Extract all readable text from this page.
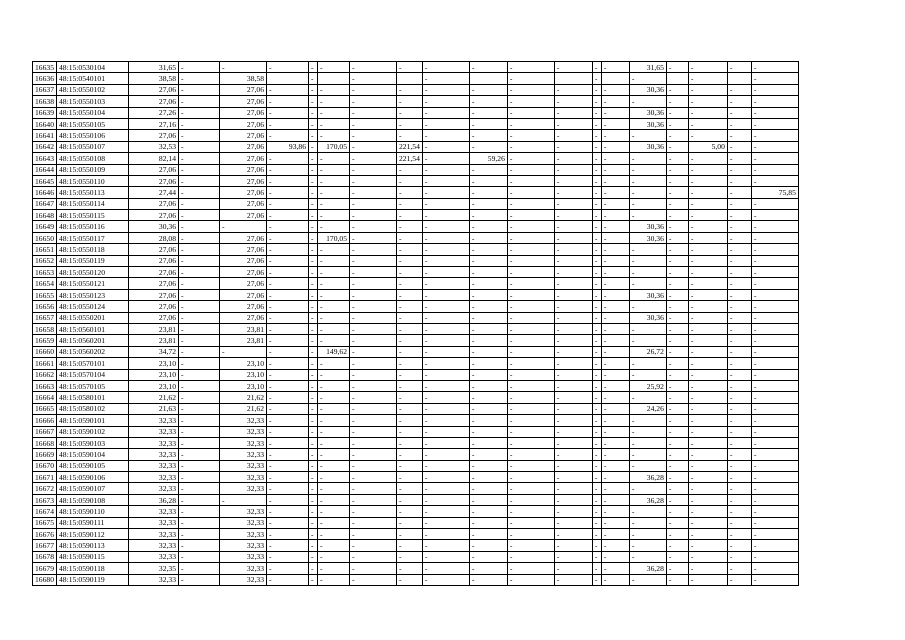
16635	48:15:0530104	31,65	-	-	-	-	-	-	-	-	-	-	-	-	-	31,65	-	-	-	-
16636	48:15:0540101	38,58	-	38,58		-		-		-		-		-		-		-		-
16637	48:15:0550102	27,06	-	27,06	-	-	-	-	-	-	-	-	-	-	-	30,36	-	-	-	-
16638	48:15:0550103	27,06	-	27,06	-	-	-	-	-	-	-	-	-	-	-	-	-	-	-	-
16639	48:15:0550104	27,26	-	27,06	-	-	-	-	-	-	-	-	-	-	-	30,36	-	-	-	-
16640	48:15:0550105	27,16	-	27,06	-	-	-	-	-	-	-	-	-	-	-	30,36	-	-	-	-
16641	48:15:0550106	27,06	-	27,06	-	-	-	-	-	-	-	-	-	-	-	-	-	-	-	-
16642	48:15:0550107	32,53	-	27,06	93,86	-	170,05	-	221,54	-	-	-	-	-	-	30,36	-	5,00	-	-
16643	48:15:0550108	82,14	-	27,06	-	-	-	-	221,54	-	59,26	-	-	-	-	-	-	-	-	-
16644	48:15:0550109	27,06	-	27,06	-	-	-	-	-	-	-	-	-	-	-	-	-	-	-	-
16645	48:15:0550110	27,06	-	27,06	-	-	-	-	-	-	-	-	-	-	-	-	-	-	-	-
16646	48:15:0550113	27,44	-	27,06	-	-	-	-	-	-	-	-	-	-	-	-	-	-	-	75,85
16647	48:15:0550114	27,06	-	27,06	-	-	-	-	-	-	-	-	-	-	-	-	-	-	-	-
16648	48:15:0550115	27,06	-	27,06	-	-	-	-	-	-	-	-	-	-	-	-	-	-	-	-
16649	48:15:0550116	30,36	-	-	-	-	-	-	-	-	-	-	-	-	-	30,36	-	-	-	-
16650	48:15:0550117	28,08	-	27,06	-	-	170,05	-	-	-	-	-	-	-	-	30,36	-	-	-	-
16651	48:15:0550118	27,06	-	27,06	-	-	-	-	-	-	-	-	-	-	-	-	-	-	-	-
16652	48:15:0550119	27,06	-	27,06	-	-	-	-	-	-	-	-	-	-	-	-	-	-	-	-
16653	48:15:0550120	27,06	-	27,06	-	-	-	-	-	-	-	-	-	-	-	-	-	-	-	-
16654	48:15:0550121	27,06	-	27,06	-	-	-	-	-	-	-	-	-	-	-	-	-	-	-	-
16655	48:15:0550123	27,06	-	27,06	-	-	-	-	-	-	-	-	-	-	-	30,36	-	-	-	-
16656	48:15:0550124	27,06	-	27,06	-	-	-	-	-	-	-	-	-	-	-	-	-	-	-	-
16657	48:15:0550201	27,06	-	27,06	-	-	-	-	-	-	-	-	-	-	-	30,36	-	-	-	-
16658	48:15:0560101	23,81	-	23,81	-	-	-	-	-	-	-	-	-	-	-	-	-	-	-	-
16659	48:15:0560201	23,81	-	23,81	-	-	-	-	-	-	-	-	-	-	-	-	-	-	-	-
16660	48:15:0560202	34,72	-	-	-	-	149,62	-	-	-	-	-	-	-	-	26,72	-	-	-	-
16661	48:15:0570101	23,10	-	23,10	-	-	-	-	-	-	-	-	-	-	-	-	-	-	-	-
16662	48:15:0570104	23,10	-	23,10	-	-	-	-	-	-	-	-	-	-	-	-	-	-	-	-
16663	48:15:0570105	23,10	-	23,10	-	-	-	-	-	-	-	-	-	-	-	25,92	-	-	-	-
16664	48:15:0580101	21,62	-	21,62	-	-	-	-	-	-	-	-	-	-	-	-	-	-	-	-
16665	48:15:0580102	21,63	-	21,62	-	-	-	-	-	-	-	-	-	-	-	24,26	-	-	-	-
16666	48:15:0590101	32,33	-	32,33	-	-	-	-	-	-	-	-	-	-	-	-	-	-	-	-
16667	48:15:0590102	32,33	-	32,33	-	-	-	-	-	-	-	-	-	-	-	-	-	-	-	-
16668	48:15:0590103	32,33	-	32,33	-	-	-	-	-	-	-	-	-	-	-	-	-	-	-	-
16669	48:15:0590104	32,33	-	32,33	-	-	-	-	-	-	-	-	-	-	-	-	-	-	-	-
16670	48:15:0590105	32,33	-	32,33	-	-	-	-	-	-	-	-	-	-	-	-	-	-	-	-
16671	48:15:0590106	32,33	-	32,33	-	-	-	-	-	-	-	-	-	-	-	36,28	-	-	-	-
16672	48:15:0590107	32,33	-	32,33	-	-	-	-	-	-	-	-	-	-	-	-	-	-	-	-
16673	48:15:0590108	36,28	-	-	-	-	-	-	-	-	-	-	-	-	-	36,28	-	-	-	-
16674	48:15:0590110	32,33	-	32,33	-	-	-	-	-	-	-	-	-	-	-	-	-	-	-	-
16675	48:15:0590111	32,33	-	32,33	-	-	-	-	-	-	-	-	-	-	-	-	-	-	-	-
16676	48:15:0590112	32,33	-	32,33	-	-	-	-	-	-	-	-	-	-	-	-	-	-	-	-
16677	48:15:0590113	32,33	-	32,33	-	-	-	-	-	-	-	-	-	-	-	-	-	-	-	-
16678	48:15:0590115	32,33	-	32,33	-	-	-	-	-	-	-	-	-	-	-	-	-	-	-	-
16679	48:15:0590118	32,35	-	32,33	-	-	-	-	-	-	-	-	-	-	-	36,28	-	-	-	-
16680	48:15:0590119	32,33	-	32,33	-	-	-	-	-	-	-	-	-	-	-	-	-	-	-	-
